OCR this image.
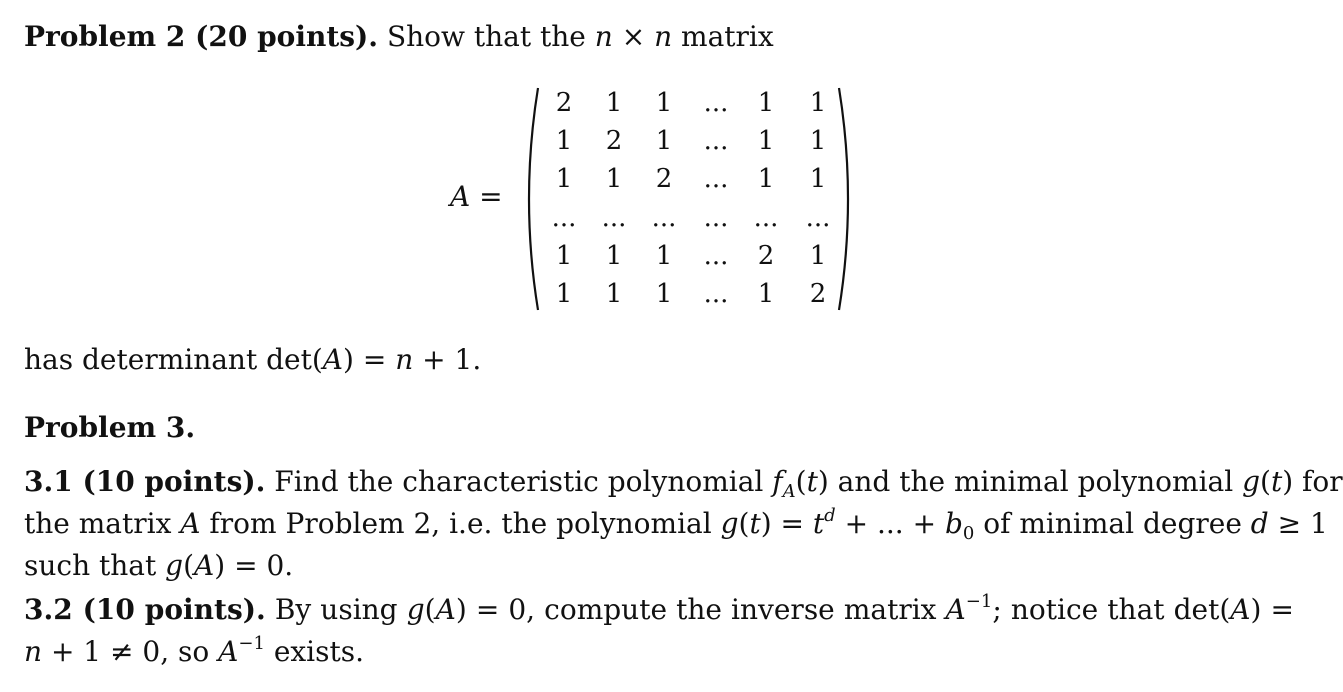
Problem 2 (20 points). Show that the n × n matrix
A =
2	1	1	...	1	1
1	2	1	...	1	1
1	1	2	...	1	1
... ... ... ... ... ...
1	1	1	...	2	1
1	1	1	...	1	2
has determinant det(A) = n + 1.
Problem 3.
3.1 (10 points). Find the characteristic polynomial $f_A(t)$ and the minimal polynomial g(t) for
the matrix A from Problem 2, i.e. the polynomial $g(t) = t^d$ + ... + $b_0$ of minimal degree d ≥ 1
such that g(A) = 0.
3.2 (10 points). By using g(A) = 0, compute the inverse matrix $A^{-1}$; notice that det(A) =
n + 1 ≠ 0, so $A^{-1}$ exists.
